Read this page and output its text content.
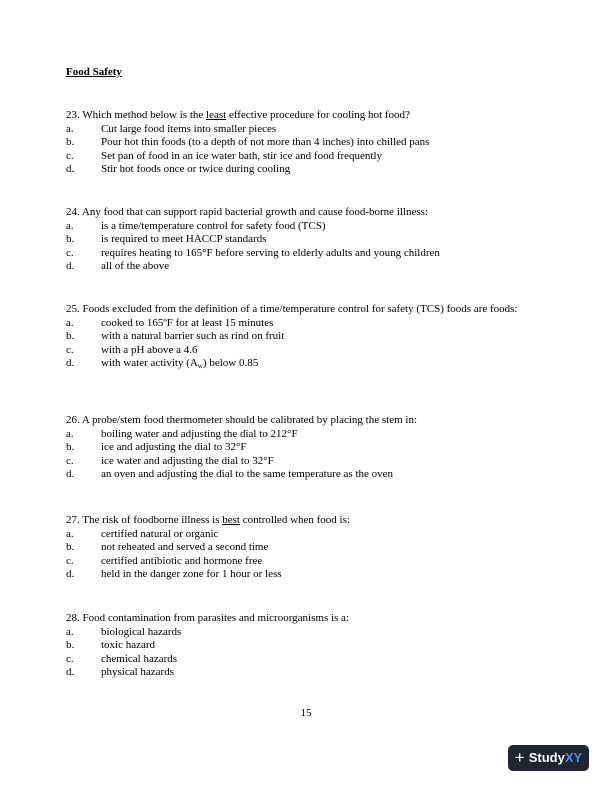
Food Safety

23. Which method below is the least effective procedure for cooling hot food?

a.	Cut large food items into smaller pieces
b.	Pour hot thin foods (to a depth of not more than 4 inches) into chilled pans
c.	Set pan of food in an ice water bath, stir ice and food frequently
d.	Stir hot foods once or twice during cooling

24. Any food that can support rapid bacterial growth and cause food-borne illness:

a.	is a time/temperature control for safety food (TCS)
b.	is required to meet HACCP standards
c.	requires heating to 165°F before serving to elderly adults and young children
d.	all of the above

25. Foods excluded from the definition of a time/temperature control for safety (TCS) foods are foods:

a.	cooked to 165ºF for at least 15 minutes
b.	with a natural barrier such as rind on fruit
c.	with a pH above a 4.6
d.	with water activity $(A_w)$ below 0.85

26. A probe/stem food thermometer should be calibrated by placing the stem in:

a.	boiling water and adjusting the dial to 212°F
b.	ice and adjusting the dial to 32°F
c.	ice water and adjusting the dial to 32°F
d.	an oven and adjusting the dial to the same temperature as the oven

27. The risk of foodborne illness is best controlled when food is:

a.	certified natural or organic
b.	not reheated and served a second time
c.	certified antibiotic and hormone free
d.	held in the danger zone for 1 hour or less

28. Food contamination from parasites and microorganisms is a:

a.	biological hazards
b.	toxic hazard
c.	chemical hazards
d.	physical hazards
15
+ StudyXY
